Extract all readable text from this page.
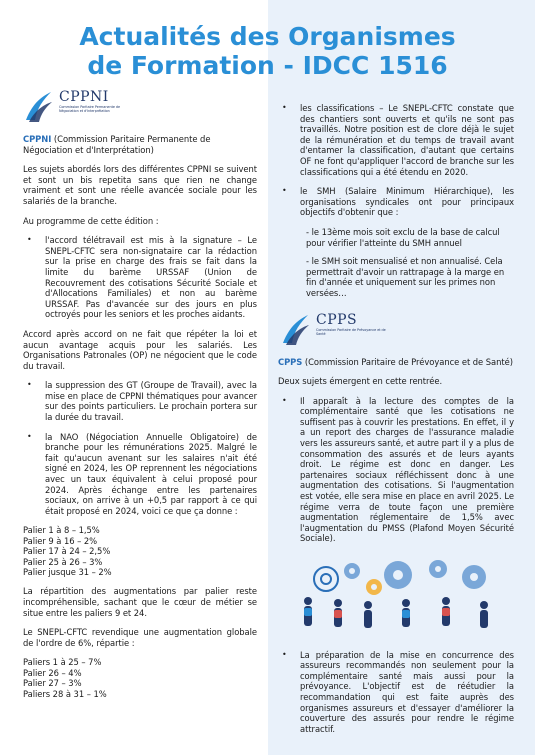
Actualités des Organismes
de Formation - IDCC 1516
CPPNI
Commission Paritaire Permanente de Négociation et d'Interprétation

CPPNI (Commission Paritaire Permanente de Négociation et d'Interprétation)

Les sujets abordés lors des différentes CPPNI se suivent et sont un bis repetita sans que rien ne change vraiment et sont une réelle avancée sociale pour les salariés de la branche.

Au programme de cette édition :

• l'accord télétravail est mis à la signature – Le SNEPL-CFTC sera non-signataire car la rédaction sur la prise en charge des frais se fait dans la limite du barème URSSAF (Union de Recouvrement des cotisations Sécurité Sociale et d'Allocations Familiales) et non au barème URSSAF. Pas d'avancée sur des jours en plus octroyés pour les seniors et les proches aidants.

Accord après accord on ne fait que répéter la loi et aucun avantage acquis pour les salariés. Les Organisations Patronales (OP) ne négocient que le code du travail.

• la suppression des GT (Groupe de Travail), avec la mise en place de CPPNI thématiques pour avancer sur des points particuliers. Le prochain portera sur la durée du travail.
• la NAO (Négociation Annuelle Obligatoire) de branche pour les rémunérations 2025. Malgré le fait qu'aucun avenant sur les salaires n'ait été signé en 2024, les OP reprennent les négociations avec un taux équivalent à celui proposé pour 2024. Après échange entre les partenaires sociaux, on arrive à un +0,5 par rapport à ce qui était proposé en 2024, voici ce que ça donne :
Palier 1 à 8 – 1,5%
Palier 9 à 16 – 2%
Palier 17 à 24 – 2,5%
Palier 25 à 26 – 3%
Palier jusque 31 – 2%

La répartition des augmentations par palier reste incompréhensible, sachant que le cœur de métier se situe entre les paliers 9 et 24.

Le SNEPL-CFTC revendique une augmentation globale de l'ordre de 6%, répartie :

Paliers 1 à 25 – 7%
Palier 26 – 4%
Palier 27 – 3%
Paliers 28 à 31 – 1%
• les classifications – Le SNEPL-CFTC constate que des chantiers sont ouverts et qu'ils ne sont pas travaillés. Notre position est de clore déjà le sujet de la rémunération et du temps de travail avant d'entamer la classification, d'autant que certains OF ne font qu'appliquer l'accord de branche sur les classifications qui a été étendu en 2020.
• le SMH (Salaire Minimum Hiérarchique), les organisations syndicales ont pour principaux objectifs d'obtenir que :

- le 13ème mois soit exclu de la base de calcul pour vérifier l'atteinte du SMH annuel

- le SMH soit mensualisé et non annualisé. Cela permettrait d'avoir un rattrapage à la marge en fin d'année et uniquement sur les primes non versées…

CPPS
Commission Paritaire de Prévoyance et de Santé

CPPS (Commission Paritaire de Prévoyance et de Santé)

Deux sujets émergent en cette rentrée.

• Il apparaît à la lecture des comptes de la complémentaire santé que les cotisations ne suffisent pas à couvrir les prestations. En effet, il y a un report des charges de l'assurance maladie vers les assureurs santé, et autre part il y a plus de consommation des assurés et de leurs ayants droit. Le régime est donc en danger. Les partenaires sociaux réfléchissent donc à une augmentation des cotisations. Si l'augmentation est votée, elle sera mise en place en avril 2025. Le régime verra de toute façon une première augmentation réglementaire de 1,5% avec l'augmentation du PMSS (Plafond Moyen Sécurité Sociale).
• La préparation de la mise en concurrence des assureurs recommandés non seulement pour la complémentaire santé mais aussi pour la prévoyance. L'objectif est de réétudier la recommandation qui est faite auprès des organismes assureurs et d'essayer d'améliorer la couverture des assurés pour rendre le régime attractif.
